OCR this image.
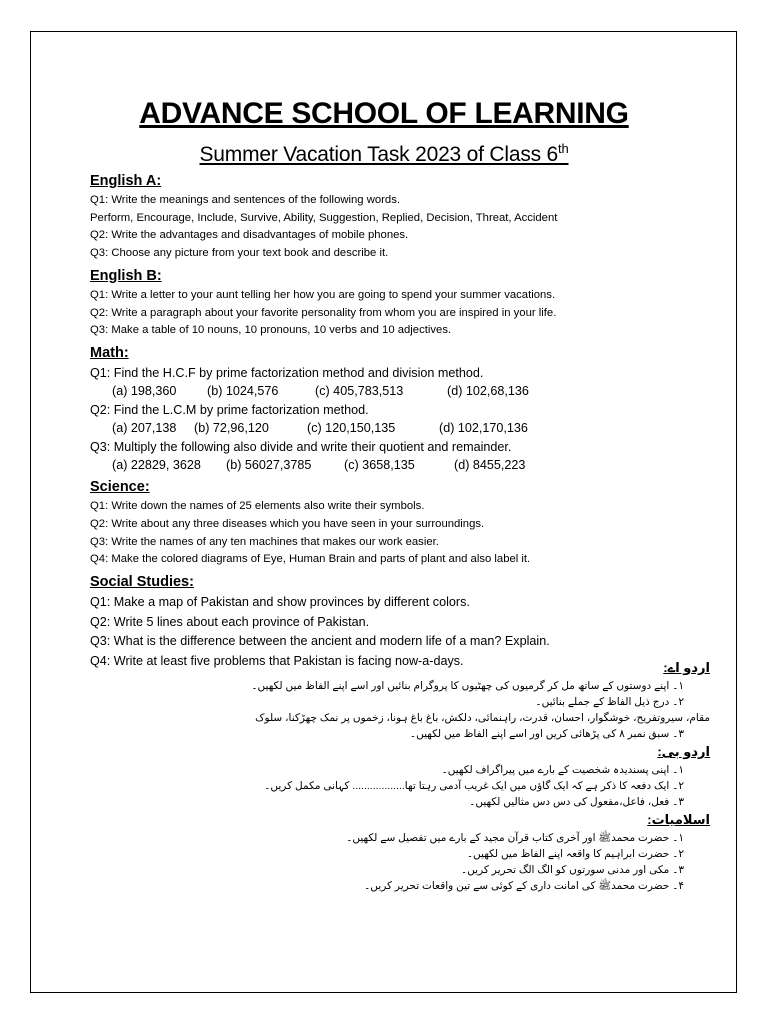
ADVANCE SCHOOL OF LEARNING
Summer Vacation Task 2023 of Class 6th
English A:
Q1: Write the meanings and sentences of the following words.
Perform, Encourage, Include, Survive, Ability, Suggestion, Replied, Decision, Threat, Accident
Q2: Write the advantages and disadvantages of mobile phones.
Q3: Choose any picture from your text book and describe it.
English B:
Q1: Write a letter to your aunt telling her how you are going to spend your summer vacations.
Q2: Write a paragraph about your favorite personality from whom you are inspired in your life.
Q3: Make a table of 10 nouns, 10 pronouns, 10 verbs and 10 adjectives.
Math:
Q1: Find the H.C.F by prime factorization method and division method.
(a) 198,360	(b) 1024,576	(c) 405,783,513	(d) 102,68,136
Q2: Find the L.C.M by prime factorization method.
(a) 207,138	(b) 72,96,120	(c) 120,150,135	(d) 102,170,136
Q3: Multiply the following also divide and write their quotient and remainder.
(a) 22829, 3628	(b) 56027,3785	(c) 3658,135	(d) 8455,223
Science:
Q1: Write down the names of 25 elements also write their symbols.
Q2: Write about any three diseases which you have seen in your surroundings.
Q3: Write the names of any ten machines that makes our work easier.
Q4: Make the colored diagrams of Eye, Human Brain and parts of plant and also label it.
Social Studies:
Q1: Make a map of Pakistan and show provinces by different colors.
Q2: Write 5 lines about each province of Pakistan.
Q3: What is the difference between the ancient and modern life of a man? Explain.
Q4: Write at least five problems that Pakistan is facing now-a-days.	اردو اے:
۱۔ اپنے دوستوں کے ساتھ مل کر گرمیوں کی چھٹیوں کا پروگرام بنائیں اور اسے اپنے الفاظ میں لکھیں۔
۲۔ درج ذیل الفاظ کے جملے بنائیں۔
مقام، سیروتفریح، خوشگوار، احسان، قدرت، راہنمائی، دلکش، باغ باغ ہونا، زخموں پر نمک چھڑکنا، سلوک
۳۔ سبق نمبر ۸ کی پڑھائی کریں اور اسے اپنے الفاظ میں لکھیں۔
اردو بی:
۱۔ اپنی پسندیدہ شخصیت کے بارے میں پیراگراف لکھیں۔
۲۔ ایک دفعہ کا ذکر ہے کہ ایک گاؤں میں ایک غریب آدمی رہتا تھا.................. کہانی مکمل کریں۔
۳۔ فعل، فاعل،مفعول کی دس دس مثالیں لکھیں۔
اسلامیات:
۱۔ حضرت محمدﷺ اور آخری کتاب قرآن مجید کے بارے میں تفصیل سے لکھیں۔
۲۔ حضرت ابراہیم کا واقعہ اپنے الفاظ میں لکھیں۔
۳۔ مکی اور مدنی سورتوں کو الگ الگ تحریر کریں۔
۴۔ حضرت محمدﷺ کی امانت داری کے کوئی سے تین واقعات تحریر کریں۔
